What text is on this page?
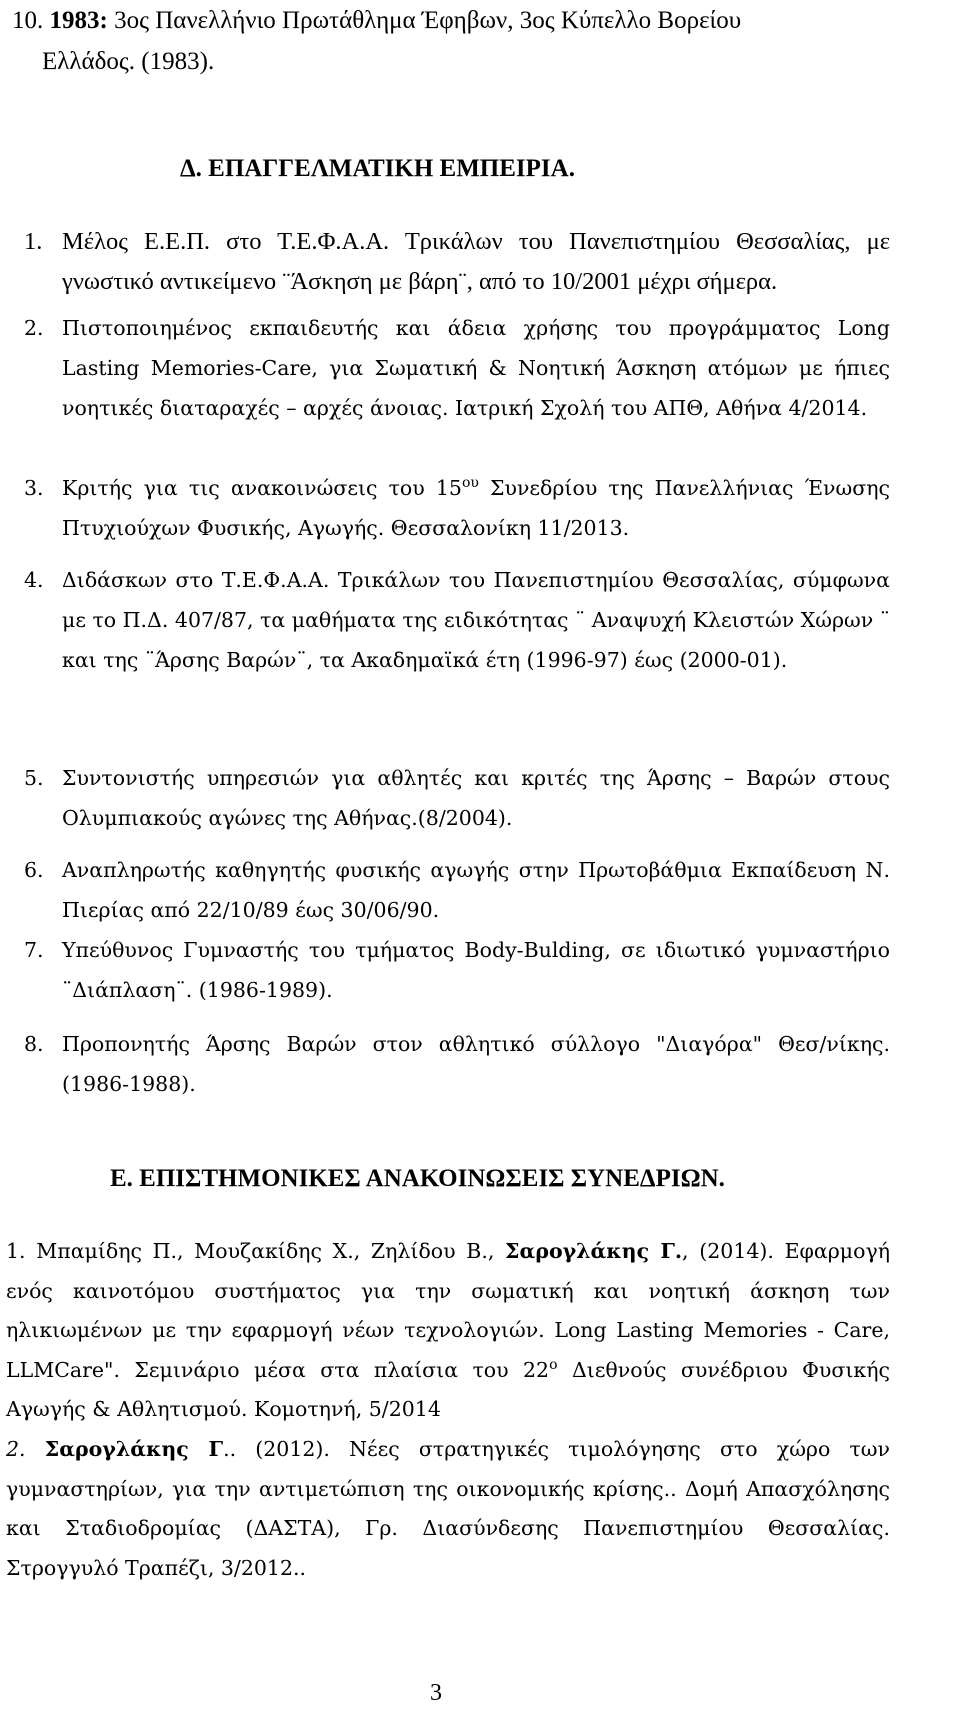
10. 1983: 3ος Πανελλήνιο Πρωτάθλημα Έφηβων, 3ος Κύπελλο Βορείου
Ελλάδος. (1983).
Δ. ΕΠΑΓΓΕΛΜΑΤΙΚΗ ΕΜΠΕΙΡΙΑ.
1. Μέλος Ε.Ε.Π. στο Τ.Ε.Φ.Α.Α. Τρικάλων του Πανεπιστημίου Θεσσαλίας, με γνωστικό αντικείμενο ¨Άσκηση με βάρη¨, από το 10/2001 μέχρι σήμερα.
2. Πιστοποιημένος εκπαιδευτής και άδεια χρήσης του προγράμματος Long Lasting Memories-Care, για Σωματική & Νοητική Άσκηση ατόμων με ήπιες νοητικές διαταραχές – αρχές άνοιας. Ιατρική Σχολή του ΑΠΘ, Αθήνα 4/2014.
3. Κριτής για τις ανακοινώσεις του $15^{o\upsilon}$ Συνεδρίου της Πανελλήνιας Ένωσης Πτυχιούχων Φυσικής, Αγωγής. Θεσσαλονίκη 11/2013.
4. Διδάσκων στο Τ.Ε.Φ.Α.Α. Τρικάλων του Πανεπιστημίου Θεσσαλίας, σύμφωνα με το Π.Δ. 407/87, τα μαθήματα της ειδικότητας ¨ Αναψυχή Κλειστών Χώρων ¨ και της ¨Άρσης Βαρών¨, τα Ακαδημαϊκά έτη (1996-97) έως (2000-01).
5. Συντονιστής υπηρεσιών για αθλητές και κριτές της Άρσης – Βαρών στους Ολυμπιακούς αγώνες της Αθήνας.(8/2004).
6. Αναπληρωτής καθηγητής φυσικής αγωγής στην Πρωτοβάθμια Εκπαίδευση Ν. Πιερίας από 22/10/89 έως 30/06/90.
7. Υπεύθυνος Γυμναστής του τμήματος Body-Bulding, σε ιδιωτικό γυμναστήριο ¨Διάπλαση¨. (1986-1989).
8. Προπονητής Άρσης Βαρών στον αθλητικό σύλλογο "Διαγόρα" Θεσ/νίκης. (1986-1988).
Ε. ΕΠΙΣΤΗΜΟΝΙΚΕΣ ΑΝΑΚΟΙΝΩΣΕΙΣ ΣΥΝΕΔΡΙΩΝ.
1. Μπαμίδης Π., Μουζακίδης Χ., Ζηλίδου Β., Σαρογλάκης Γ., (2014). Εφαρμογή ενός καινοτόμου συστήματος για την σωματική και νοητική άσκηση των ηλικιωμένων με την εφαρμογή νέων τεχνολογιών. Long Lasting Memories - Care, LLMCare". Σεμινάριο μέσα στα πλαίσια του $22^o$ Διεθνούς συνέδριου Φυσικής Αγωγής & Αθλητισμού. Κομοτηνή, 5/2014
2. Σαρογλάκης Γ.. (2012). Νέες στρατηγικές τιμολόγησης στο χώρο των γυμναστηρίων, για την αντιμετώπιση της οικονομικής κρίσης.. Δομή Απασχόλησης και Σταδιοδρομίας (ΔΑΣΤΑ), Γρ. Διασύνδεσης Πανεπιστημίου Θεσσαλίας. Στρογγυλό Τραπέζι, 3/2012..
3
